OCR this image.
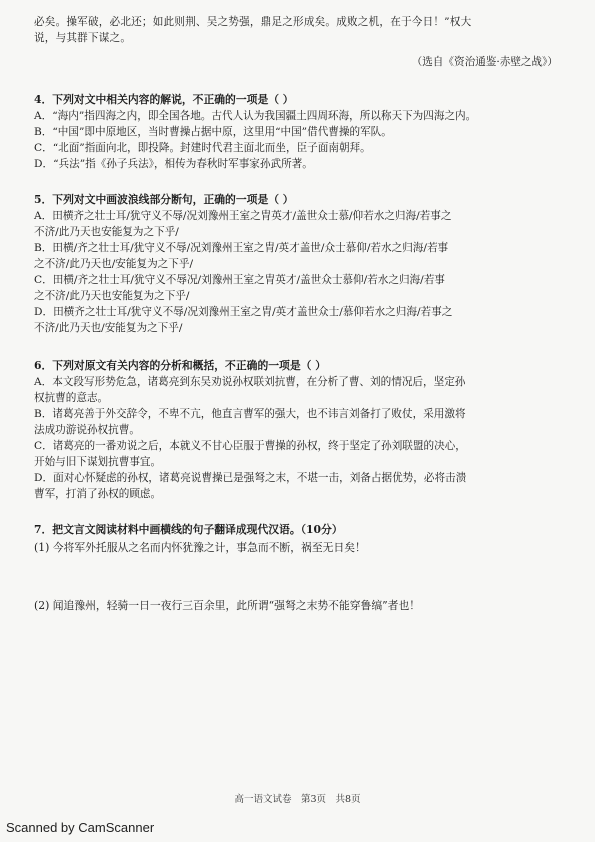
必矣。操军破，必北还；如此则荆、吴之势强，鼎足之形成矣。成败之机，在于今日！”权大
说，与其群下谋之。
（选自《资治通鉴·赤壁之战》）
4．下列对文中相关内容的解说，不正确的一项是（ ）
A．“海内”指四海之内，即全国各地。古代人认为我国疆土四周环海，所以称天下为四海之内。
B．“中国”即中原地区，当时曹操占据中原，这里用“中国”借代曹操的军队。
C．“北面”指面向北，即投降。封建时代君主面北而坐，臣子面南朝拜。
D．“兵法”指《孙子兵法》，相传为春秋时军事家孙武所著。
5．下列对文中画波浪线部分断句，正确的一项是（ ）
A．田横齐之壮士耳/犹守义不辱/况刘豫州王室之胄英才/盖世众士慕/仰若水之归海/若事之
不济/此乃天也安能复为之下乎/
B．田横/齐之壮士耳/犹守义不辱/况刘豫州王室之胄/英才盖世/众士慕仰/若水之归海/若事
之不济/此乃天也/安能复为之下乎/
C．田横/齐之壮士耳/犹守义不辱况/刘豫州王室之胄英才/盖世众士慕仰/若水之归海/若事
之不济/此乃天也安能复为之下乎/
D．田横齐之壮士耳/犹守义不辱/况刘豫州王室之胄/英才盖世众士/慕仰若水之归海/若事之
不济/此乃天也/安能复为之下乎/
6．下列对原文有关内容的分析和概括，不正确的一项是（ ）
A．本文段写形势危急，诸葛亮到东吴劝说孙权联刘抗曹，在分析了曹、刘的情况后，坚定孙
权抗曹的意志。
B．诸葛亮善于外交辞令，不卑不亢，他直言曹军的强大，也不讳言刘备打了败仗，采用激将
法成功游说孙权抗曹。
C．诸葛亮的一番劝说之后，本就义不甘心臣服于曹操的孙权，终于坚定了孙刘联盟的决心，
开始与旧下谋划抗曹事宜。
D．面对心怀疑虑的孙权，诸葛亮说曹操已是强弩之末，不堪一击，刘备占据优势，必将击溃
曹军，打消了孙权的顾虑。
7．把文言文阅读材料中画横线的句子翻译成现代汉语。（10分）
(1) 今将军外托服从之名而内怀犹豫之计，事急而不断，祸至无日矣！
(2) 闻追豫州，轻骑一日一夜行三百余里，此所谓“强弩之末势不能穿鲁缟”者也！
高一语文试卷　第3页　共8页
Scanned by CamScanner
